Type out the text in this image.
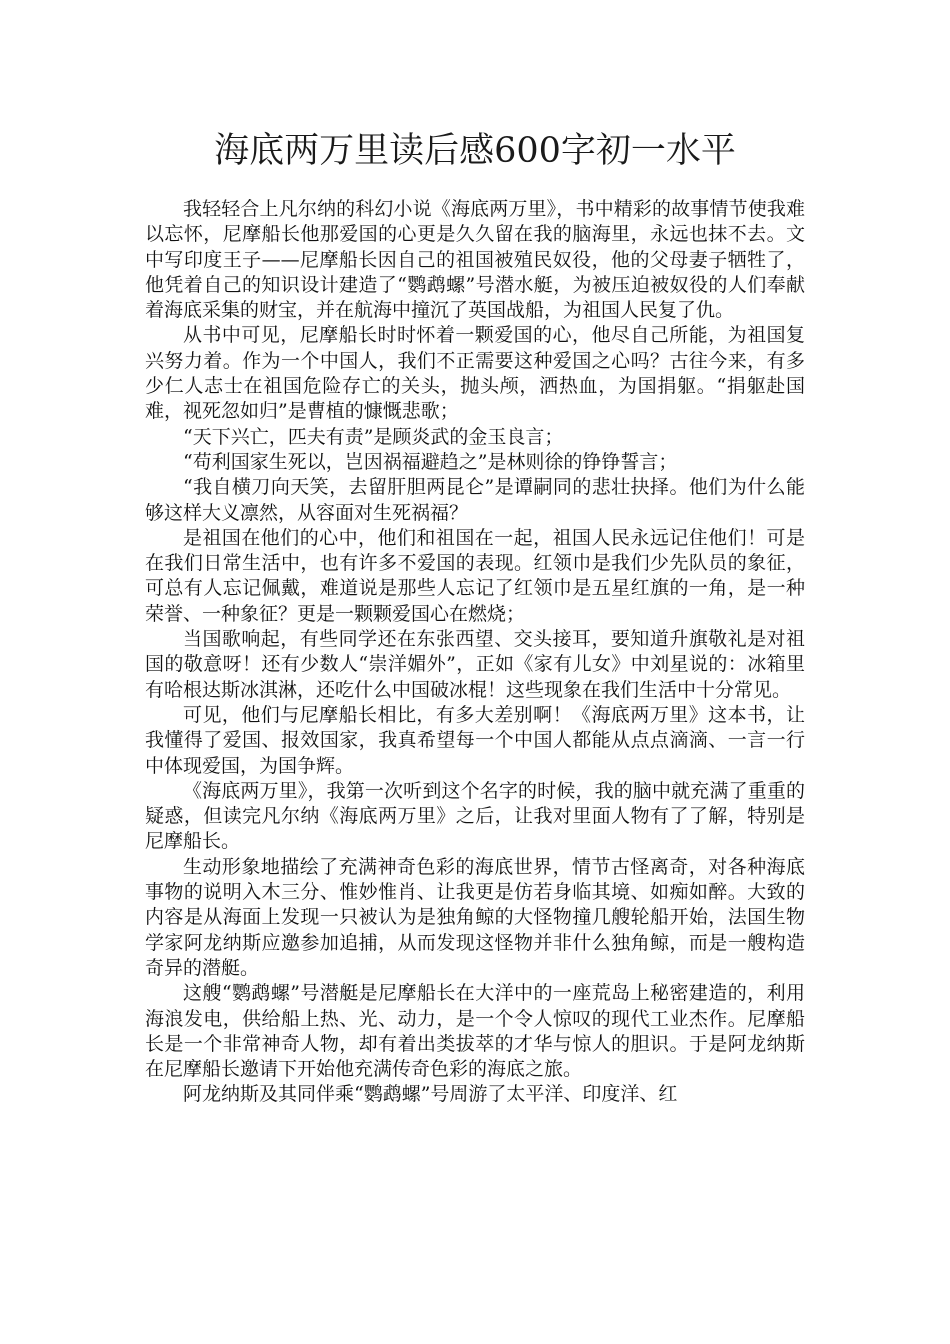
海底两万里读后感600字初一水平

我轻轻合上凡尔纳的科幻小说《海底两万里》，书中精彩的故事情节使我难以忘怀，尼摩船长他那爱国的心更是久久留在我的脑海里，永远也抹不去。文中写印度王子——尼摩船长因自己的祖国被殖民奴役，他的父母妻子牺牲了，他凭着自己的知识设计建造了“鹦鹉螺”号潜水艇，为被压迫被奴役的人们奉献着海底采集的财宝，并在航海中撞沉了英国战船，为祖国人民复了仇。

从书中可见，尼摩船长时时怀着一颗爱国的心，他尽自己所能，为祖国复兴努力着。作为一个中国人，我们不正需要这种爱国之心吗？古往今来，有多少仁人志士在祖国危险存亡的关头，抛头颅，洒热血，为国捐躯。“捐躯赴国难，视死忽如归”是曹植的慷慨悲歌；

“天下兴亡，匹夫有责”是顾炎武的金玉良言；

“苟利国家生死以，岂因祸福避趋之”是林则徐的铮铮誓言；

“我自横刀向天笑，去留肝胆两昆仑”是谭嗣同的悲壮抉择。他们为什么能够这样大义凛然，从容面对生死祸福？

是祖国在他们的心中，他们和祖国在一起，祖国人民永远记住他们！可是在我们日常生活中，也有许多不爱国的表现。红领巾是我们少先队员的象征，可总有人忘记佩戴，难道说是那些人忘记了红领巾是五星红旗的一角，是一种荣誉、一种象征？更是一颗颗爱国心在燃烧；

当国歌响起，有些同学还在东张西望、交头接耳，要知道升旗敬礼是对祖国的敬意呀！还有少数人“崇洋媚外”，正如《家有儿女》中刘星说的：冰箱里有哈根达斯冰淇淋，还吃什么中国破冰棍！这些现象在我们生活中十分常见。

可见，他们与尼摩船长相比，有多大差别啊！《海底两万里》这本书，让我懂得了爱国、报效国家，我真希望每一个中国人都能从点点滴滴、一言一行中体现爱国，为国争辉。

《海底两万里》，我第一次听到这个名字的时候，我的脑中就充满了重重的疑惑，但读完凡尔纳《海底两万里》之后，让我对里面人物有了了解，特别是尼摩船长。

生动形象地描绘了充满神奇色彩的海底世界，情节古怪离奇，对各种海底事物的说明入木三分、惟妙惟肖、让我更是仿若身临其境、如痴如醉。大致的内容是从海面上发现一只被认为是独角鲸的大怪物撞几艘轮船开始，法国生物学家阿龙纳斯应邀参加追捕，从而发现这怪物并非什么独角鲸，而是一艘构造奇异的潜艇。

这艘“鹦鹉螺”号潜艇是尼摩船长在大洋中的一座荒岛上秘密建造的，利用海浪发电，供给船上热、光、动力，是一个令人惊叹的现代工业杰作。尼摩船长是一个非常神奇人物，却有着出类拔萃的才华与惊人的胆识。于是阿龙纳斯在尼摩船长邀请下开始他充满传奇色彩的海底之旅。

阿龙纳斯及其同伴乘“鹦鹉螺”号周游了太平洋、印度洋、红
